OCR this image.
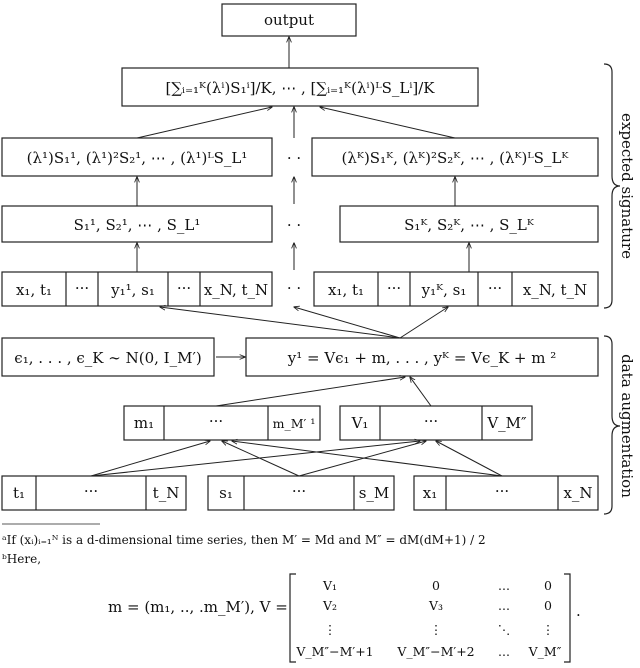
output
[∑ᵢ₌₁ᴷ(λⁱ)S₁ⁱ]/K, ⋯ , [∑ᵢ₌₁ᴷ(λⁱ)ᴸS_Lⁱ]/K
(λ¹)S₁¹, (λ¹)²S₂¹, ⋯ , (λ¹)ᴸS_L¹	· ·	(λᴷ)S₁ᴷ, (λᴷ)²S₂ᴷ, ⋯ , (λᴷ)ᴸS_Lᴷ
S₁¹, S₂¹, ⋯ , S_L¹	· ·	S₁ᴷ, S₂ᴷ, ⋯ , S_Lᴷ
x₁, t₁ ··· y₁¹, s₁ ··· x_N, t_N · · x₁, t₁ ··· y₁ᴷ, s₁ ··· x_N, t_N
ϵ₁, . . . , ϵ_K ∼ N(0, I_M′)	y¹ = Vϵ₁ + m, . . . , yᴷ = Vϵ_K + m ²
m₁	···	m_M′ ¹ V₁	···	V_M″
t₁	···	t_N	s₁	···	s_M x₁	···	x_N
expected signature
data augmentation
ᵃIf (xᵢ)ᵢ₌₁ᴺ is a d-dimensional time series, then M′ = Md and M″ = dM(dM+1) / 2
ᵇHere,
m = (m₁, .., .m_M′), V =
V₁	0	...	0
V₂	V₃	...	0
⋮	⋮	⋱	⋮
V_M″−M′+1 V_M″−M′+2 ... V_M″
.
